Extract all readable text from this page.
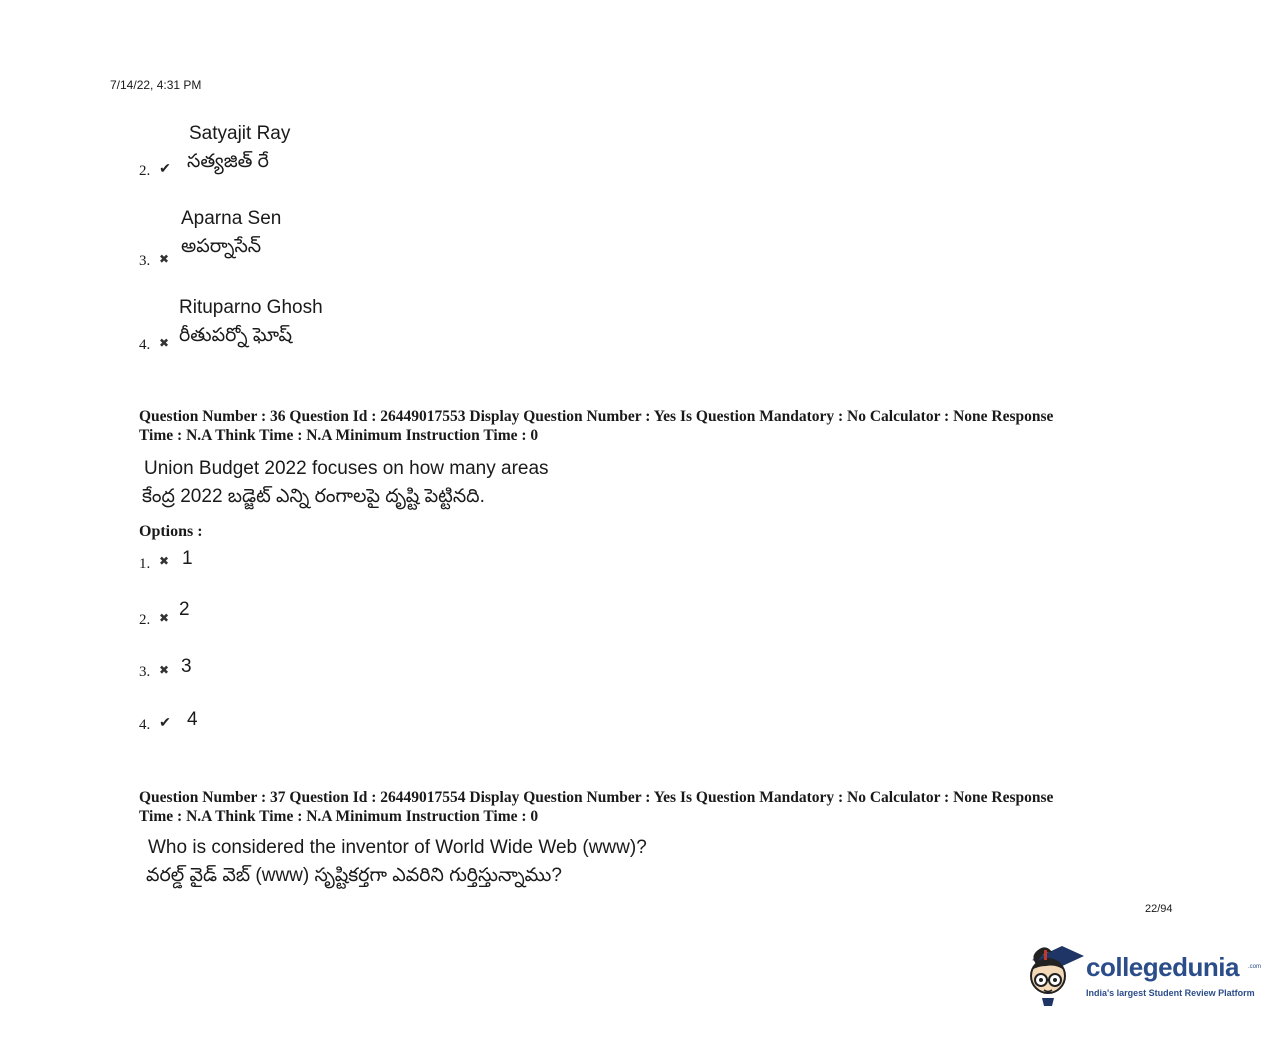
7/14/22, 4:31 PM
Satyajit Ray
సత్యజిత్ రే
2. ✔
Aparna Sen
అపర్నాసేన్
3. ✖
Rituparno Ghosh
రీతుపర్నో ఘోష్
4. ✖
Question Number : 36 Question Id : 26449017553 Display Question Number : Yes Is Question Mandatory : No Calculator : None Response
Time : N.A Think Time : N.A Minimum Instruction Time : 0
Union Budget 2022 focuses on how many areas
కేంద్ర 2022 బడ్జెట్ ఎన్ని రంగాలపై దృష్టి పెట్టినది.
Options :
1. ✖ 1
2. ✖ 2
3. ✖ 3
4. ✔ 4
Question Number : 37 Question Id : 26449017554 Display Question Number : Yes Is Question Mandatory : No Calculator : None Response
Time : N.A Think Time : N.A Minimum Instruction Time : 0
Who is considered the inventor of World Wide Web (www)?
వరల్డ్ వైడ్ వెబ్ (www) సృష్టికర్తగా ఎవరిని గుర్తిస్తున్నాము?
22/94
collegedunia .com
India's largest Student Review Platform
